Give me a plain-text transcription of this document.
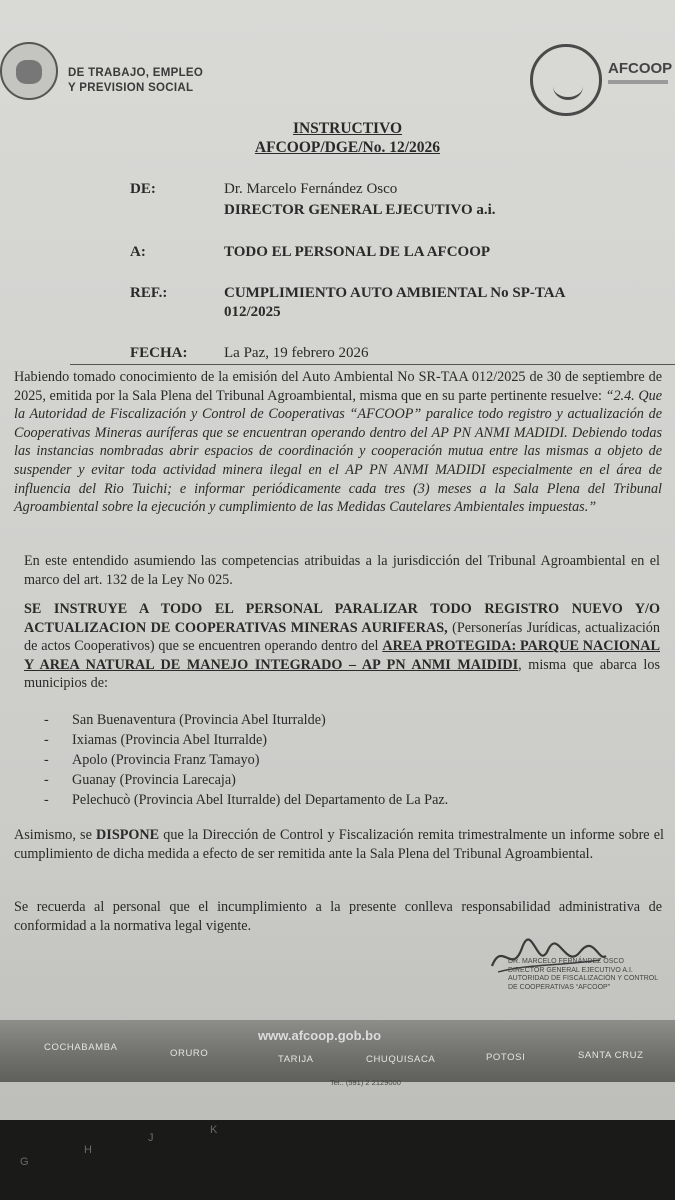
DE TRABAJO, EMPLEO
Y PREVISION SOCIAL
AFCOOP
INSTRUCTIVO
AFCOOP/DGE/No. 12/2026
DE:	Dr. Marcelo Fernández Osco
DIRECTOR GENERAL EJECUTIVO a.i.
A:	TODO EL PERSONAL DE LA AFCOOP
REF.:	CUMPLIMIENTO AUTO AMBIENTAL No SP-TAA
012/2025
FECHA: La Paz, 19 febrero 2026
Habiendo tomado conocimiento de la emisión del Auto Ambiental No SR-TAA 012/2025 de 30 de septiembre de 2025, emitida por la Sala Plena del Tribunal Agroambiental, misma que en su parte pertinente resuelve: “2.4. Que la Autoridad de Fiscalización y Control de Cooperativas “AFCOOP” paralice todo registro y actualización de Cooperativas Mineras auríferas que se encuentran operando dentro del AP PN ANMI MADIDI. Debiendo todas las instancias nombradas abrir espacios de coordinación y cooperación mutua entre las mismas a objeto de suspender y evitar toda actividad minera ilegal en el AP PN ANMI MADIDI especialmente en el área de influencia del Rio Tuichi; e informar periódicamente cada tres (3) meses a la Sala Plena del Tribunal Agroambiental sobre la ejecución y cumplimiento de las Medidas Cautelares Ambientales impuestas.”
En este entendido asumiendo las competencias atribuidas a la jurisdicción del Tribunal Agroambiental en el marco del art. 132 de la Ley No 025.
SE INSTRUYE A TODO EL PERSONAL PARALIZAR TODO REGISTRO NUEVO Y/O ACTUALIZACION DE COOPERATIVAS MINERAS AURIFERAS, (Personerías Jurídicas, actualización de actos Cooperativos) que se encuentren operando dentro del AREA PROTEGIDA: PARQUE NACIONAL Y AREA NATURAL DE MANEJO INTEGRADO – AP PN ANMI MAIDIDI, misma que abarca los municipios de:
- San Buenaventura (Provincia Abel Iturralde)
- Ixiamas (Provincia Abel Iturralde)
- Apolo (Provincia Franz Tamayo)
- Guanay (Provincia Larecaja)
- Pelechucò (Provincia Abel Iturralde) del Departamento de La Paz.
Asimismo, se DISPONE que la Dirección de Control y Fiscalización remita trimestralmente un informe sobre el cumplimiento de dicha medida a efecto de ser remitida ante la Sala Plena del Tribunal Agroambiental.
Se recuerda al personal que el incumplimiento a la presente conlleva responsabilidad administrativa de conformidad a la normativa legal vigente.
DR. MARCELO FERNÁNDEZ OSCO
DIRECTOR GENERAL EJECUTIVO A.I.
AUTORIDAD DE FISCALIZACIÓN Y CONTROL
DE COOPERATIVAS “AFCOOP”
www.afcoop.gob.bo
COCHABAMBA
ORURO
TARIJA	CHUQUISACA	POTOSI	SANTA CRUZ
Tel.: (591) 2 2129000
G
H
J
K
